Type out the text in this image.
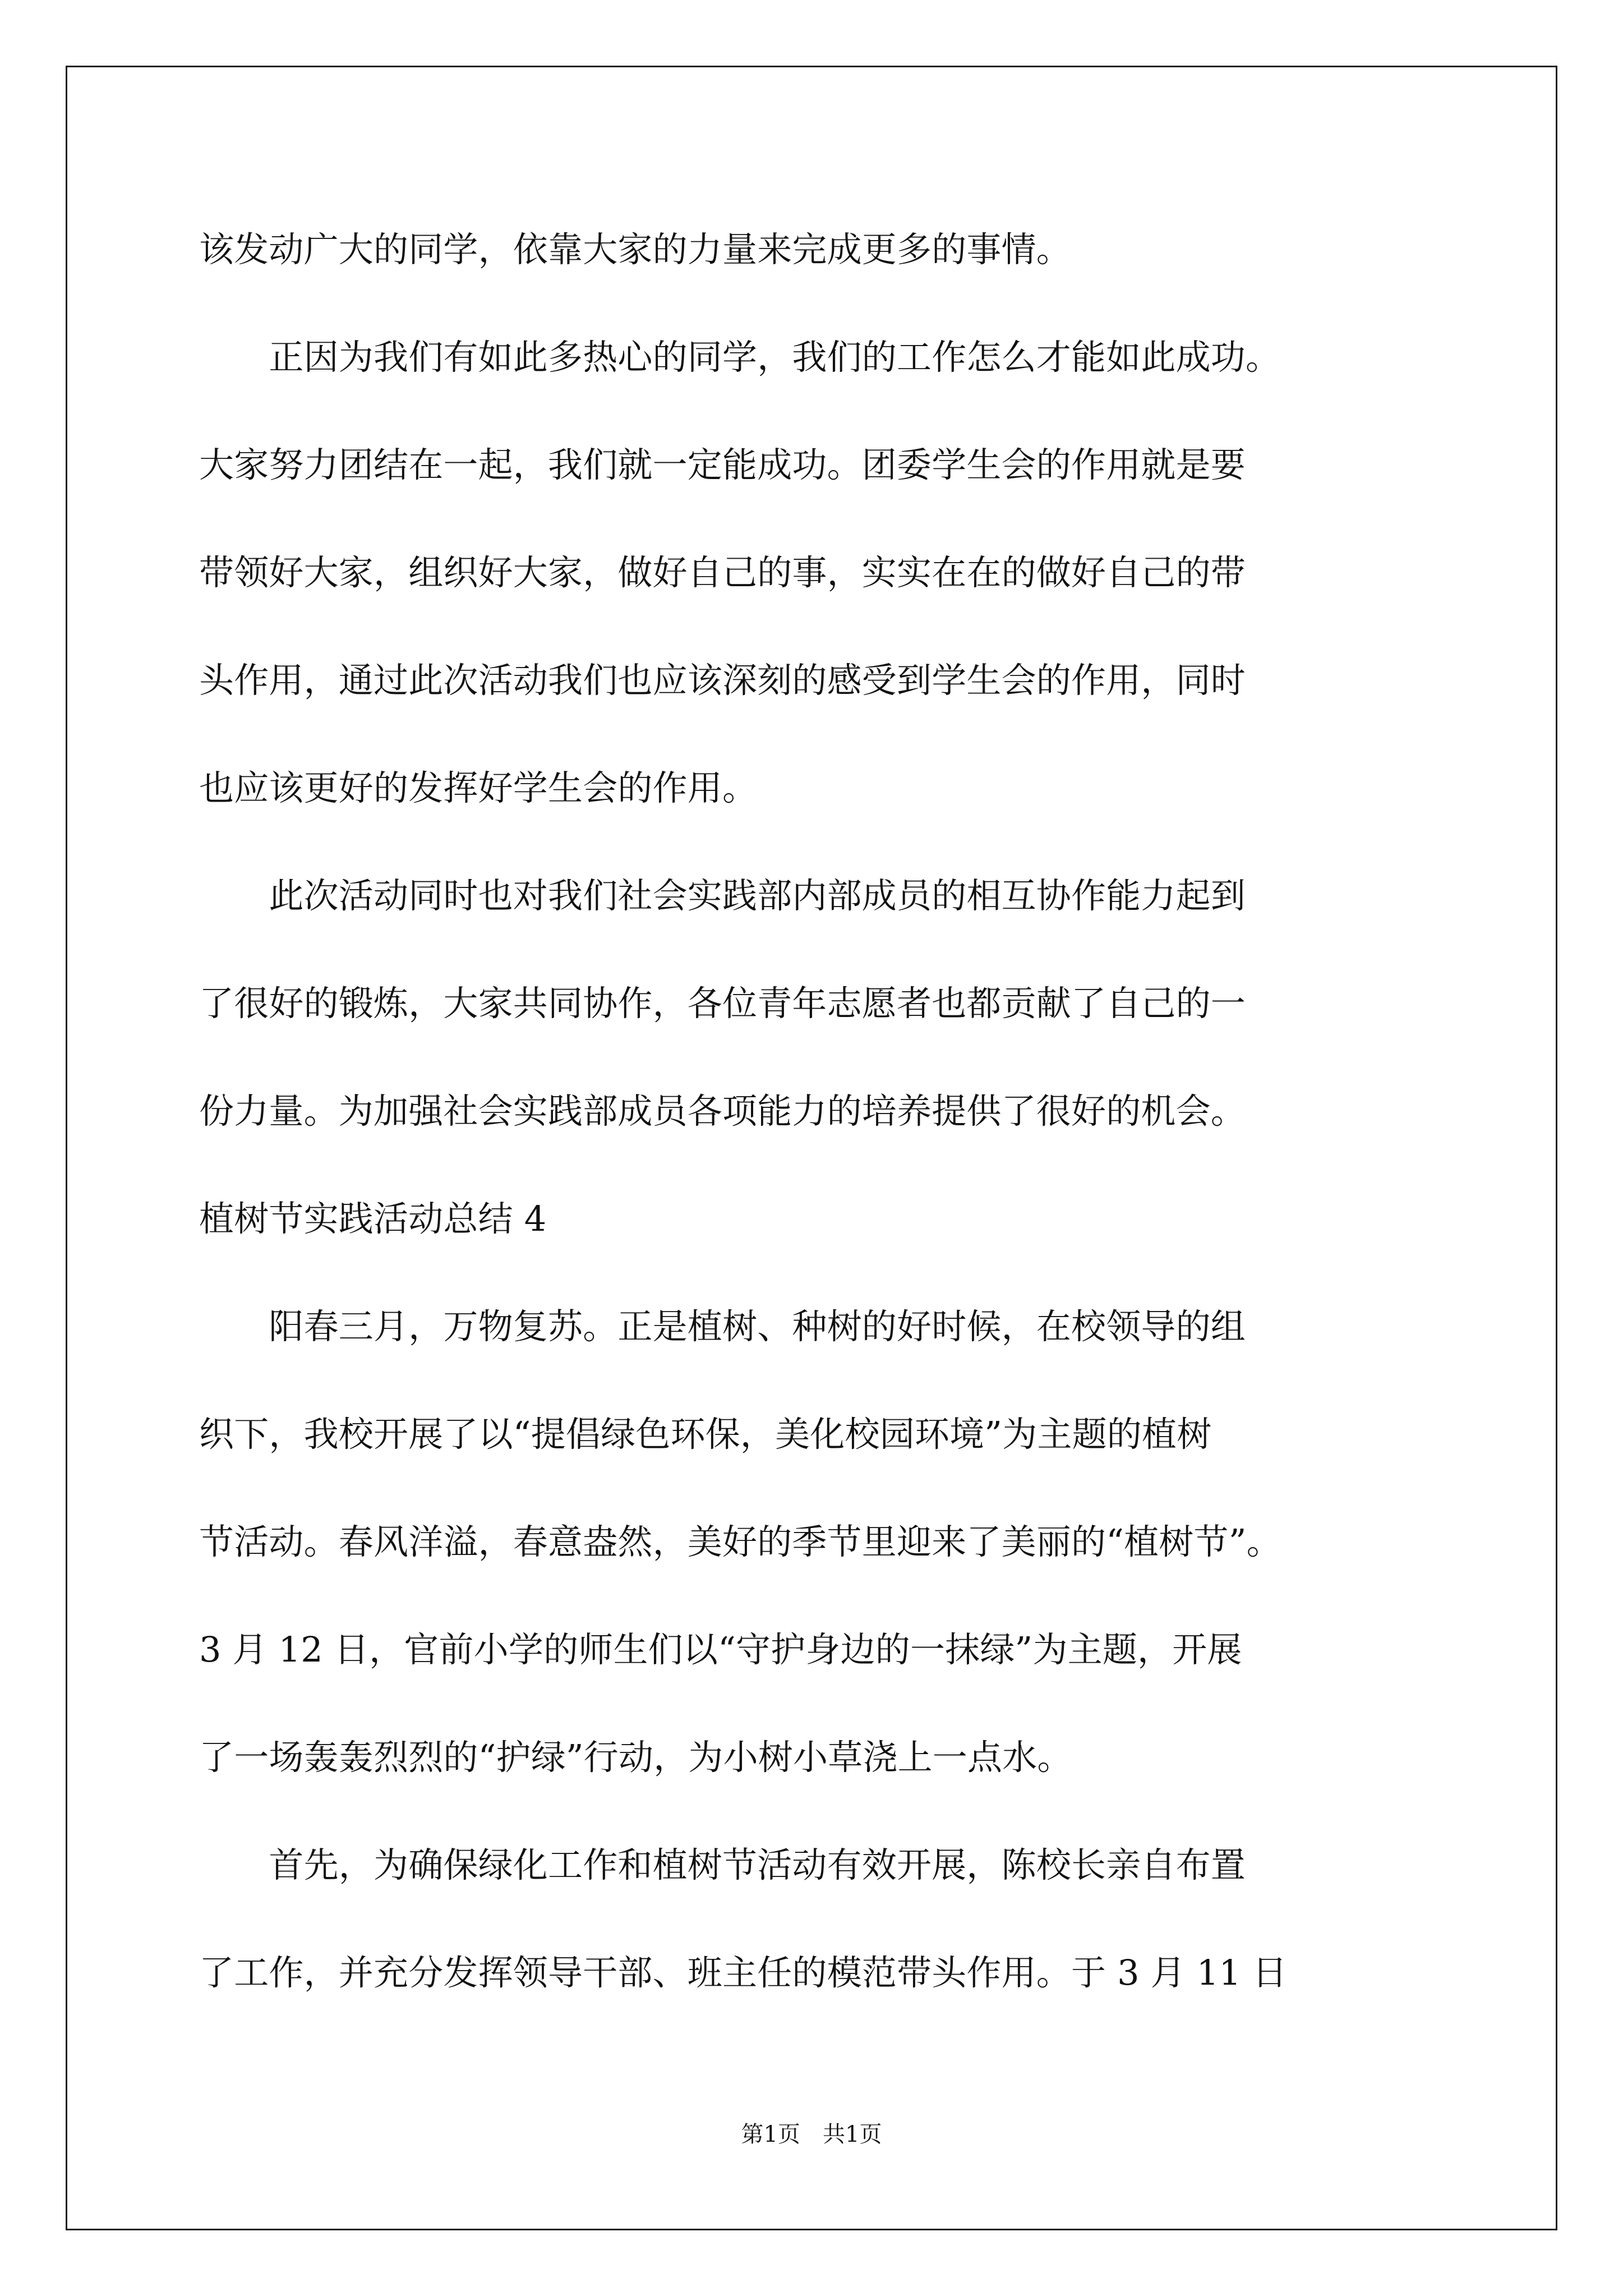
该发动广大的同学，依靠大家的力量来完成更多的事情。
　　正因为我们有如此多热心的同学，我们的工作怎么才能如此成功。
大家努力团结在一起，我们就一定能成功。团委学生会的作用就是要
带领好大家，组织好大家，做好自己的事，实实在在的做好自己的带
头作用，通过此次活动我们也应该深刻的感受到学生会的作用，同时
也应该更好的发挥好学生会的作用。
　　此次活动同时也对我们社会实践部内部成员的相互协作能力起到
了很好的锻炼，大家共同协作，各位青年志愿者也都贡献了自己的一
份力量。为加强社会实践部成员各项能力的培养提供了很好的机会。
植树节实践活动总结 4
　　阳春三月，万物复苏。正是植树、种树的好时候，在校领导的组
织下，我校开展了以“提倡绿色环保，美化校园环境”为主题的植树
节活动。春风洋溢，春意盎然，美好的季节里迎来了美丽的“植树节”。
3 月 12 日，官前小学的师生们以“守护身边的一抹绿”为主题，开展
了一场轰轰烈烈的“护绿”行动，为小树小草浇上一点水。
　　首先，为确保绿化工作和植树节活动有效开展，陈校长亲自布置
了工作，并充分发挥领导干部、班主任的模范带头作用。于 3 月 11 日
第1页　共1页
